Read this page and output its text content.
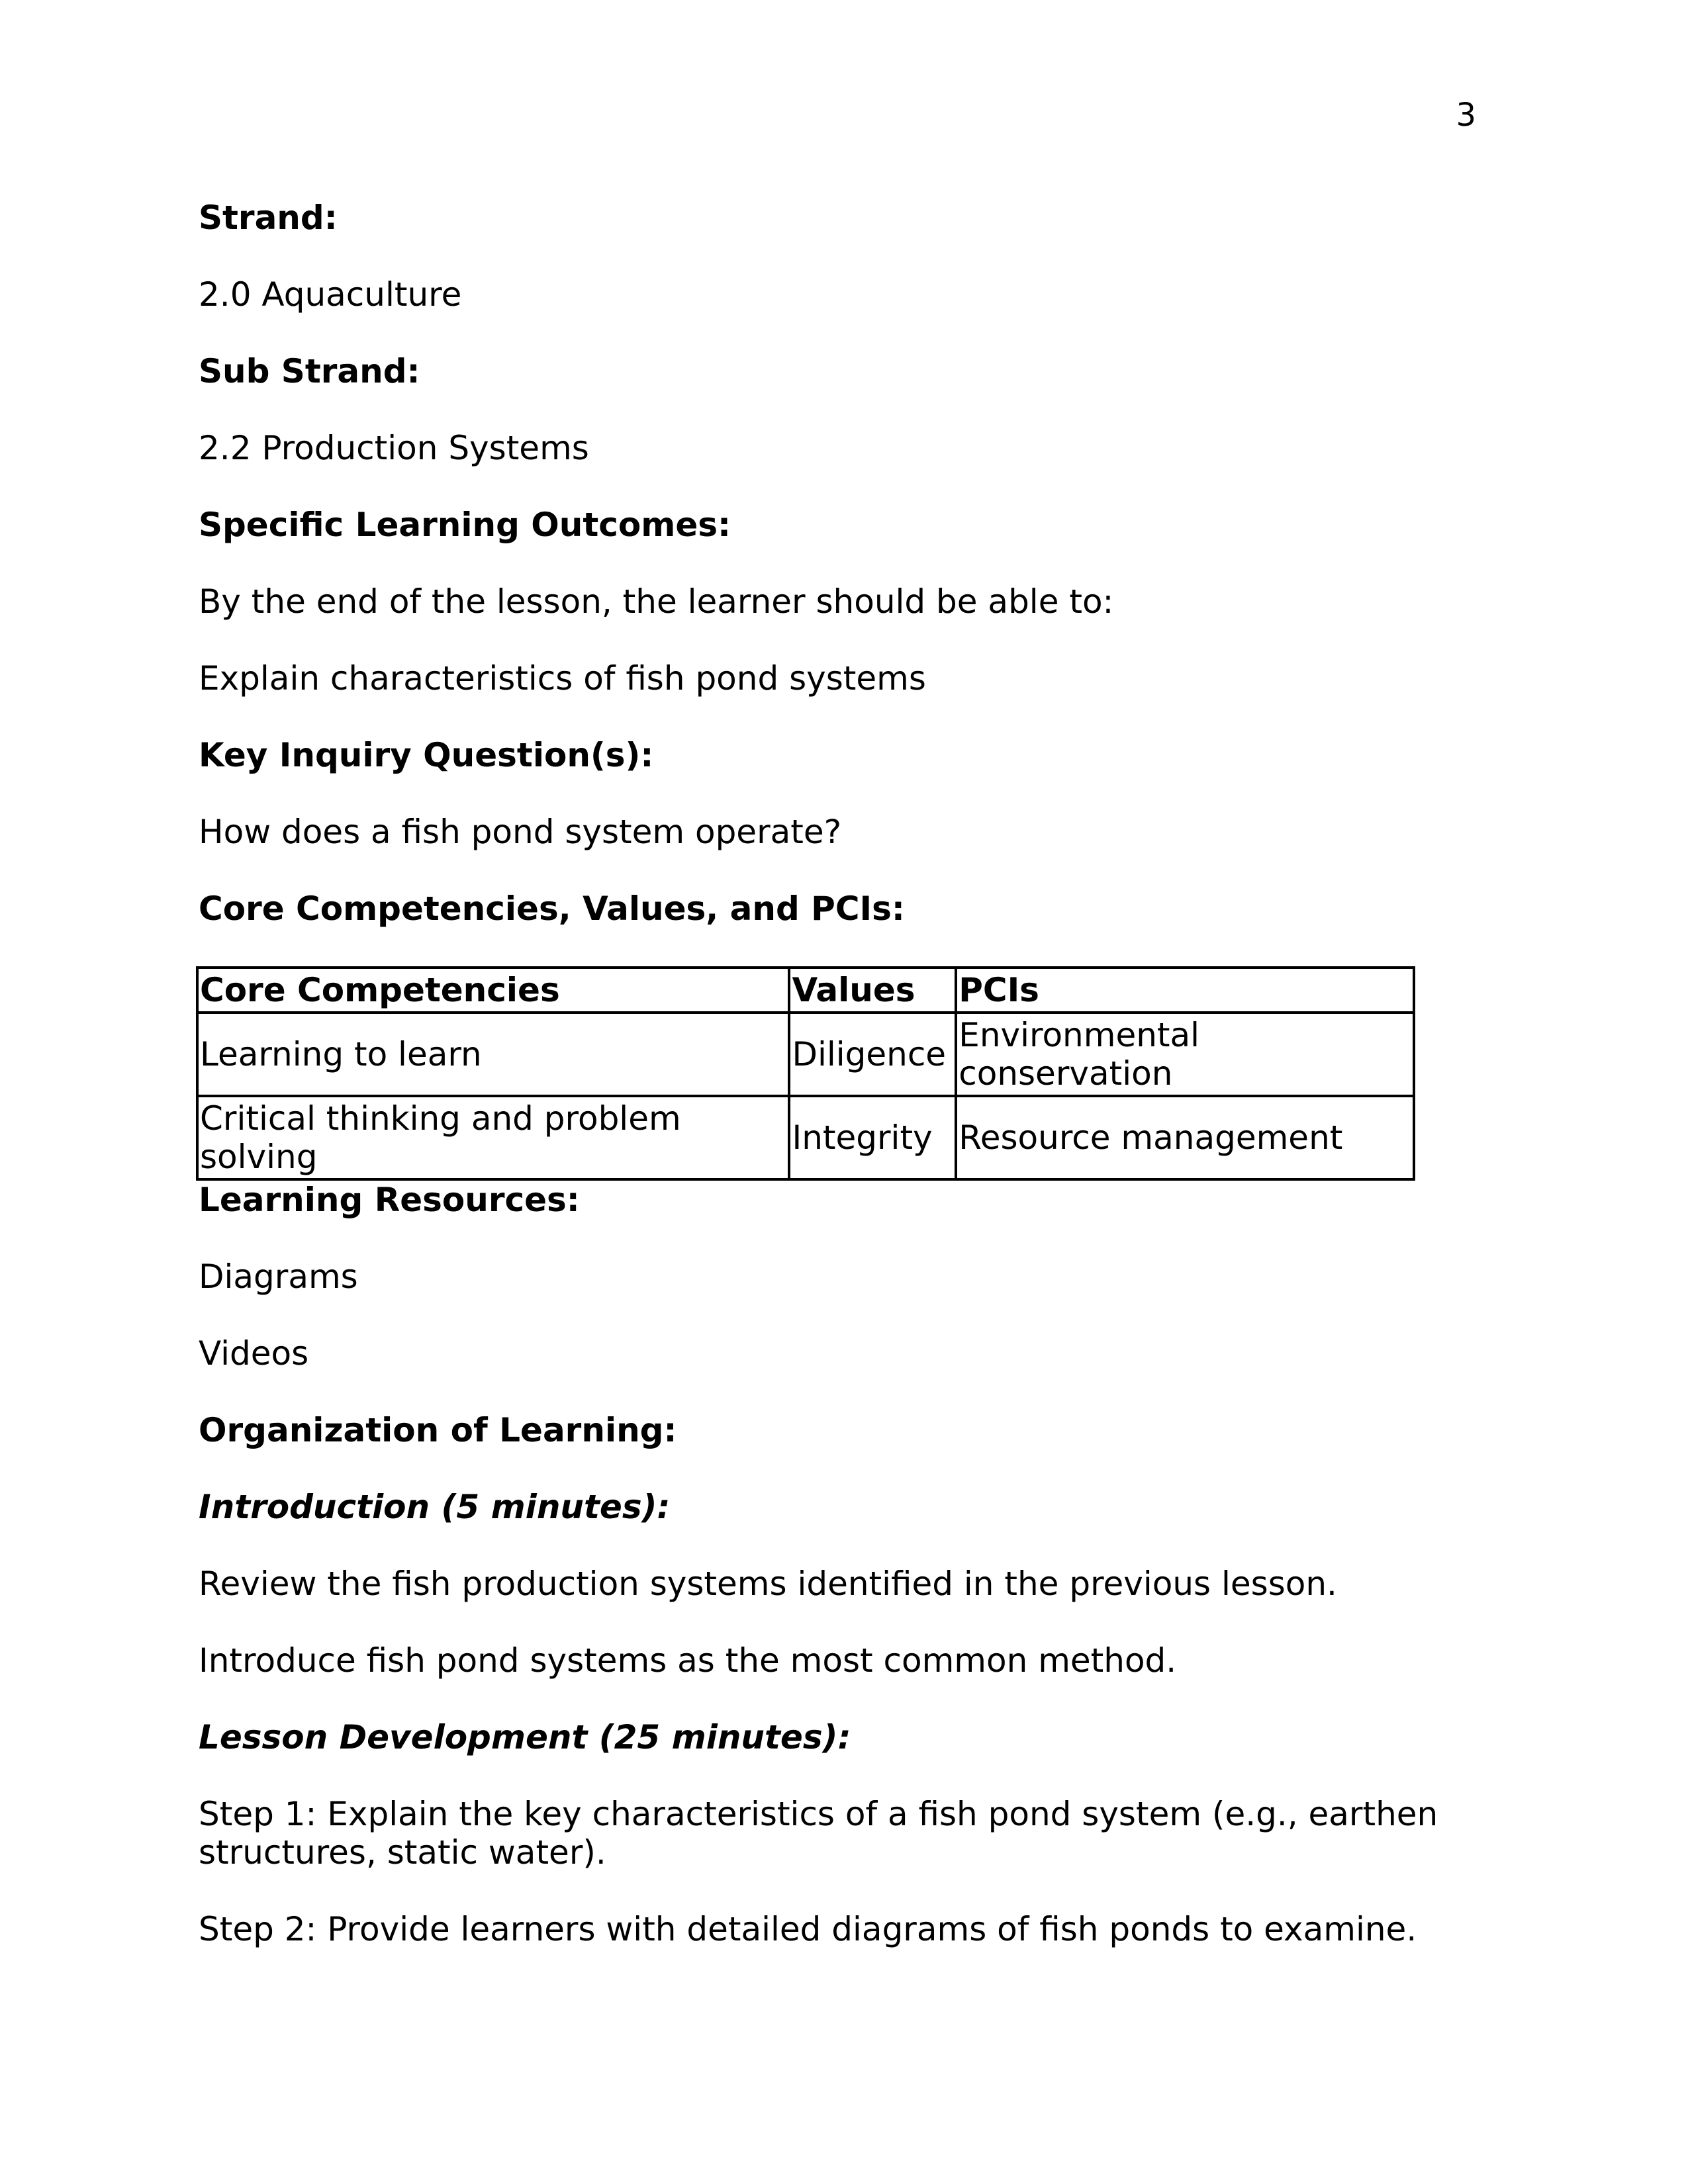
3

Strand:

2.0 Aquaculture

Sub Strand:

2.2 Production Systems

Specific Learning Outcomes:

By the end of the lesson, the learner should be able to:

Explain characteristics of fish pond systems

Key Inquiry Question(s):

How does a fish pond system operate?

Core Competencies, Values, and PCIs:

Core Competencies	Values	PCIs
Learning to learn	Diligence	Environmental conservation
Critical thinking and problem solving	Integrity	Resource management

Learning Resources:

Diagrams

Videos

Organization of Learning:

Introduction (5 minutes):

Review the fish production systems identified in the previous lesson.

Introduce fish pond systems as the most common method.

Lesson Development (25 minutes):

Step 1: Explain the key characteristics of a fish pond system (e.g., earthen structures, static water).

Step 2: Provide learners with detailed diagrams of fish ponds to examine.
